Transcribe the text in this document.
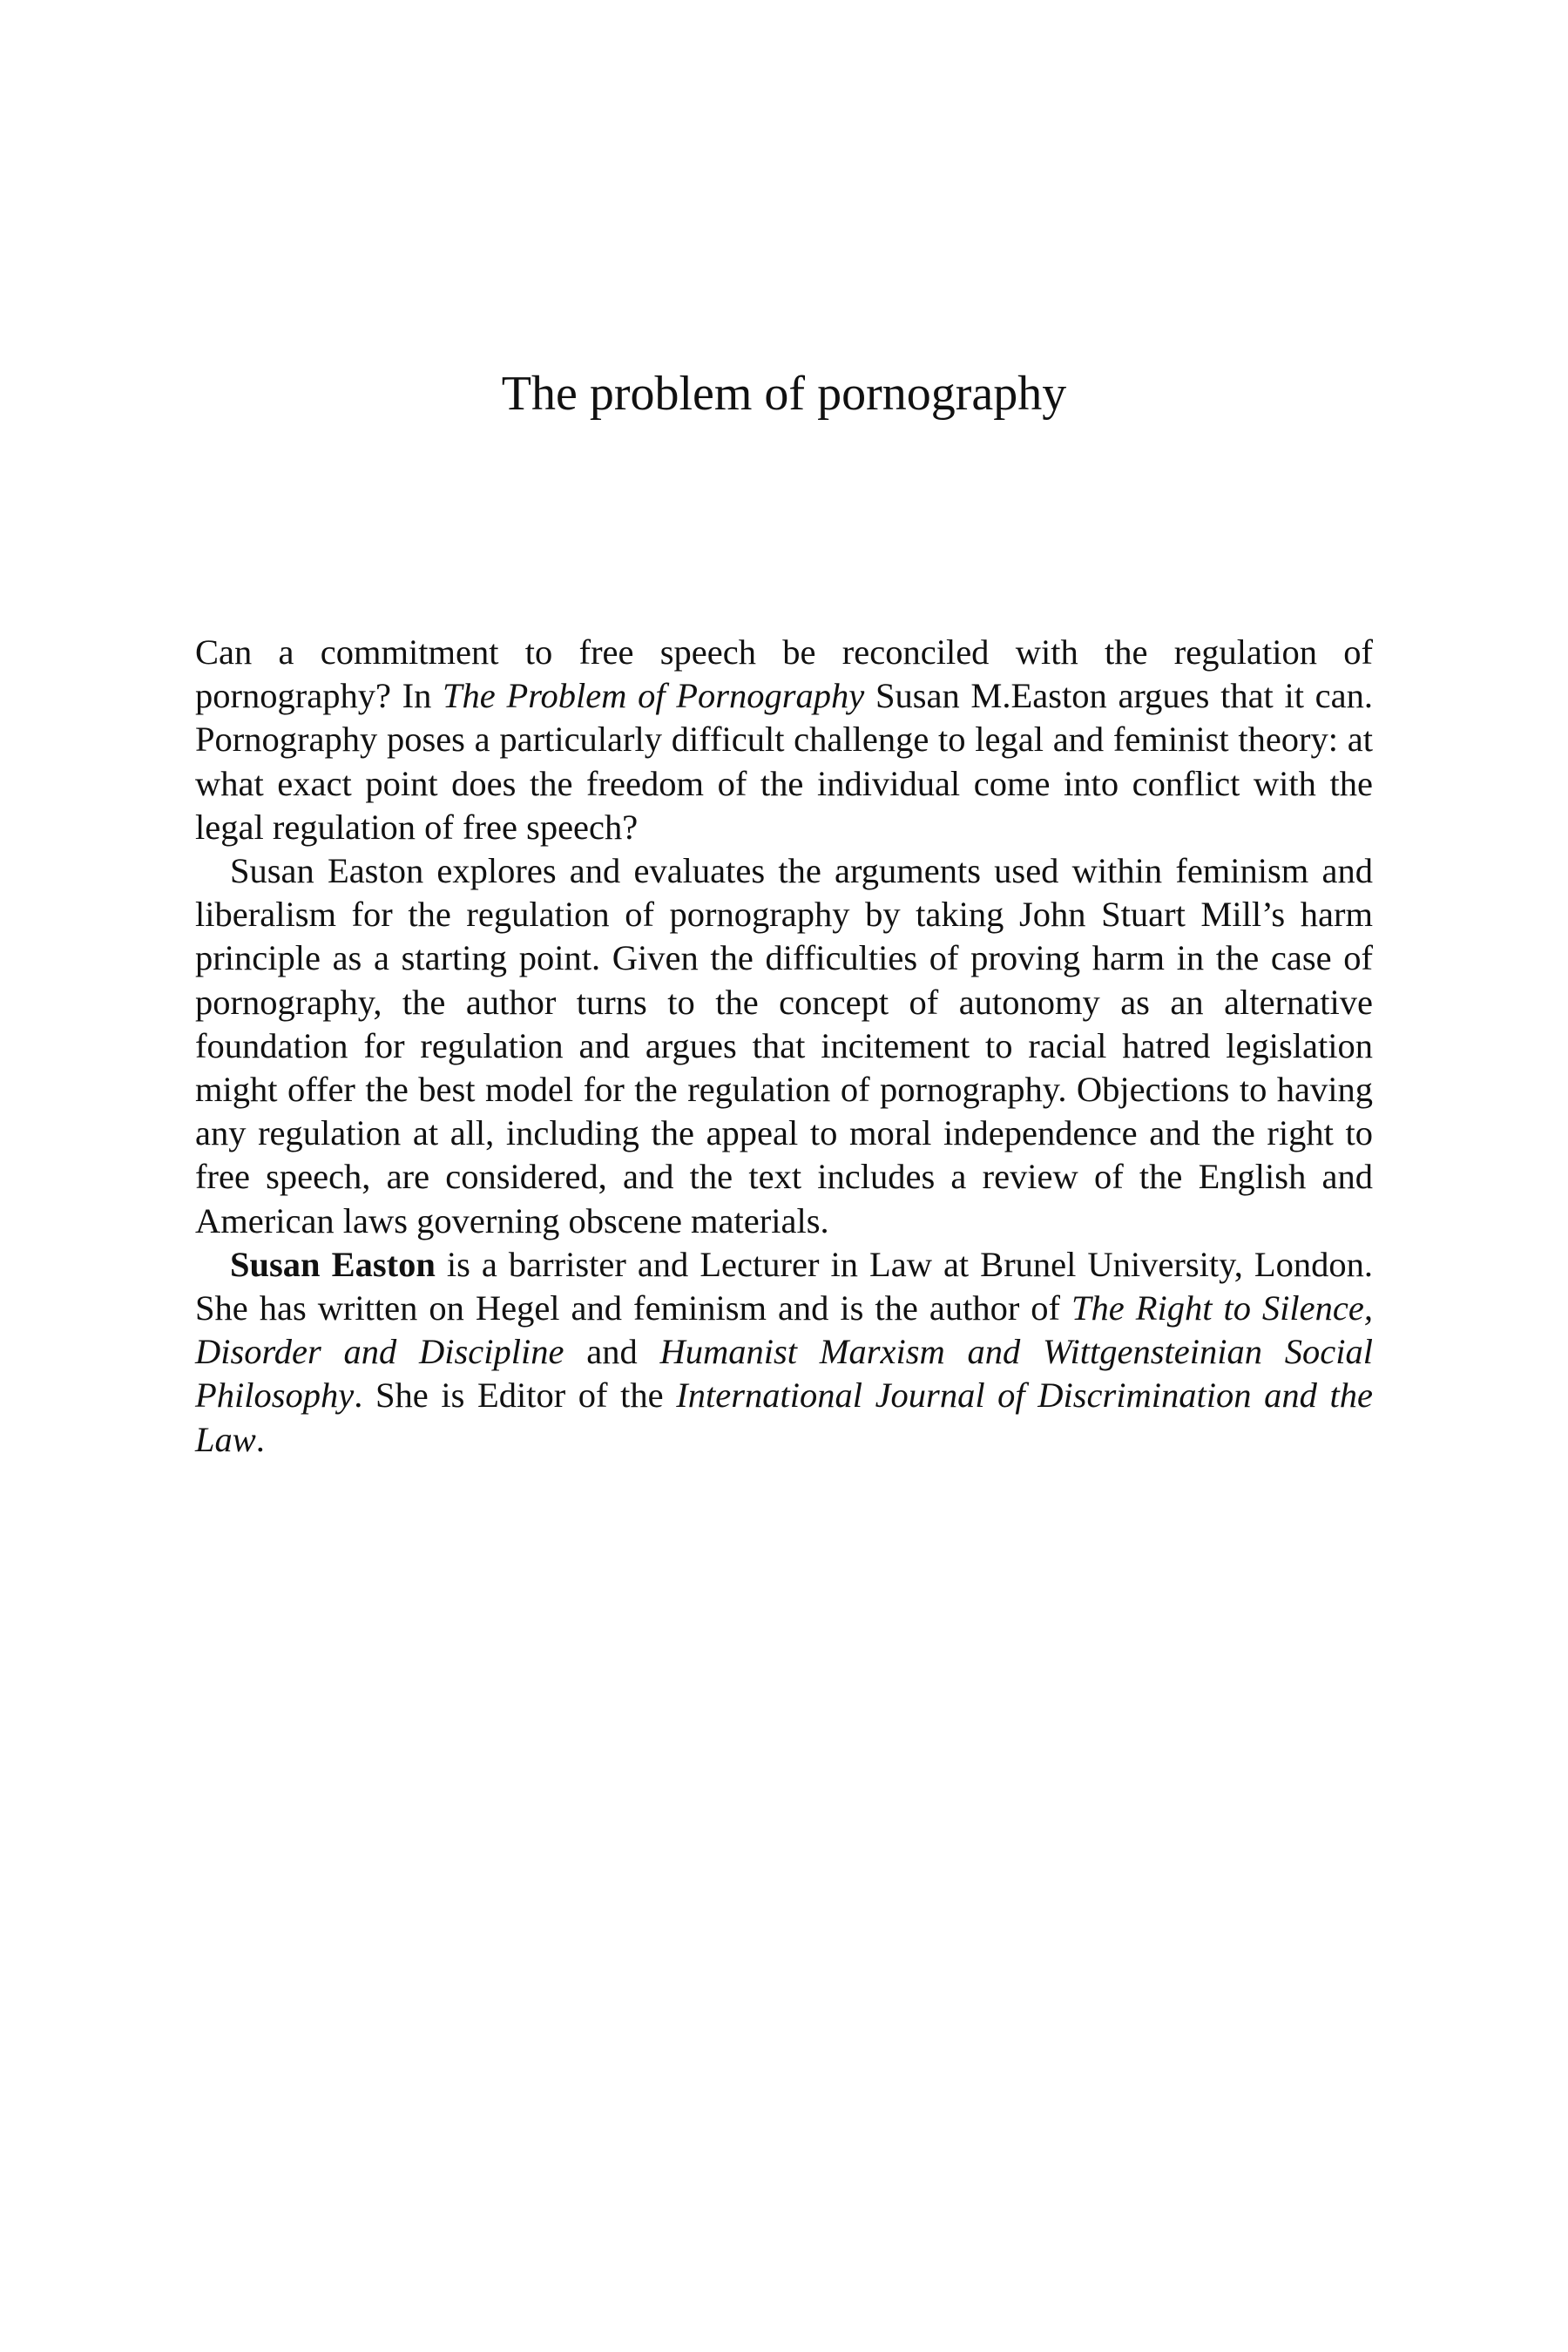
The problem of pornography

Can a commitment to free speech be reconciled with the regulation of pornography? In The Problem of Pornography Susan M.Easton argues that it can. Pornography poses a particularly difficult challenge to legal and feminist theory: at what exact point does the freedom of the individual come into conflict with the legal regulation of free speech?

Susan Easton explores and evaluates the arguments used within feminism and liberalism for the regulation of pornography by taking John Stuart Mill’s harm principle as a starting point. Given the difficulties of proving harm in the case of pornography, the author turns to the concept of autonomy as an alternative foundation for regulation and argues that incitement to racial hatred legislation might offer the best model for the regulation of pornography. Objections to having any regulation at all, including the appeal to moral independence and the right to free speech, are considered, and the text includes a review of the English and American laws governing obscene materials.

Susan Easton is a barrister and Lecturer in Law at Brunel University, London. She has written on Hegel and feminism and is the author of The Right to Silence, Disorder and Discipline and Humanist Marxism and Wittgensteinian Social Philosophy. She is Editor of the International Journal of Discrimination and the Law.
